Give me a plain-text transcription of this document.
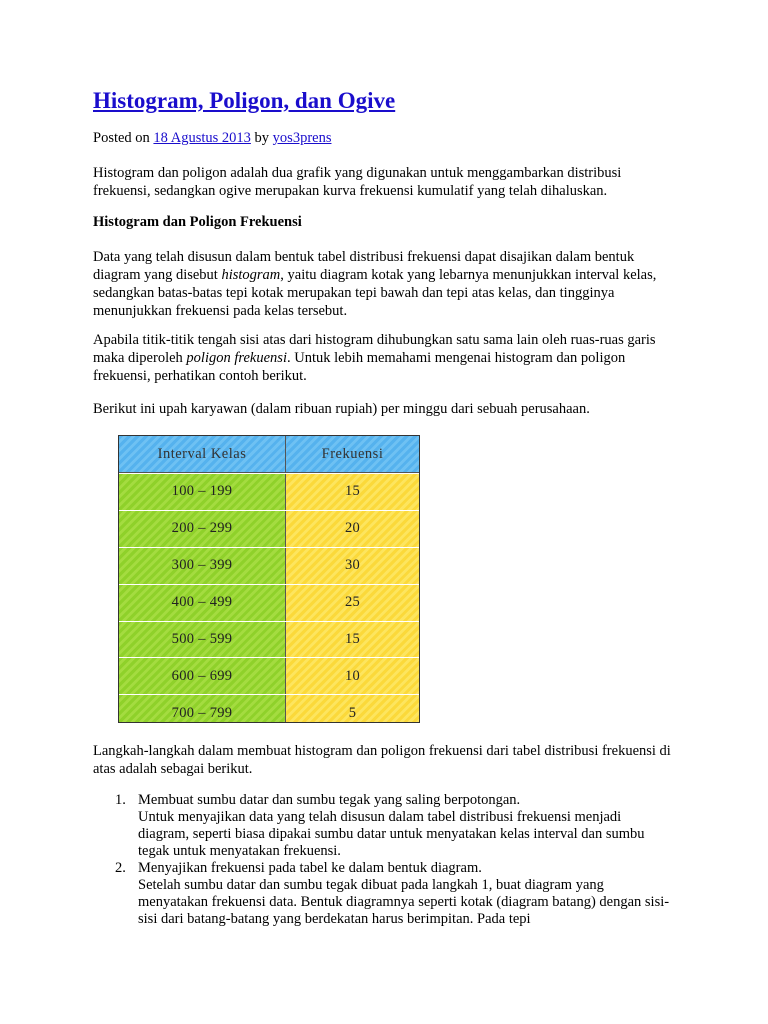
Histogram, Poligon, dan Ogive
Posted on 18 Agustus 2013 by yos3prens

Histogram dan poligon adalah dua grafik yang digunakan untuk menggambarkan distribusi frekuensi, sedangkan ogive merupakan kurva frekuensi kumulatif yang telah dihaluskan.

Histogram dan Poligon Frekuensi

Data yang telah disusun dalam bentuk tabel distribusi frekuensi dapat disajikan dalam bentuk diagram yang disebut histogram, yaitu diagram kotak yang lebarnya menunjukkan interval kelas, sedangkan batas-batas tepi kotak merupakan tepi bawah dan tepi atas kelas, dan tingginya menunjukkan frekuensi pada kelas tersebut.

Apabila titik-titik tengah sisi atas dari histogram dihubungkan satu sama lain oleh ruas-ruas garis maka diperoleh poligon frekuensi. Untuk lebih memahami mengenai histogram dan poligon frekuensi, perhatikan contoh berikut.

Berikut ini upah karyawan (dalam ribuan rupiah) per minggu dari sebuah perusahaan.

Langkah-langkah dalam membuat histogram dan poligon frekuensi dari tabel distribusi frekuensi di atas adalah sebagai berikut.

1. Membuat sumbu datar dan sumbu tegak yang saling berpotongan.
Untuk menyajikan data yang telah disusun dalam tabel distribusi frekuensi menjadi diagram, seperti biasa dipakai sumbu datar untuk menyatakan kelas interval dan sumbu tegak untuk menyatakan frekuensi.
2. Menyajikan frekuensi pada tabel ke dalam bentuk diagram.
Setelah sumbu datar dan sumbu tegak dibuat pada langkah 1, buat diagram yang menyatakan frekuensi data. Bentuk diagramnya seperti kotak (diagram batang) dengan sisi-sisi dari batang-batang yang berdekatan harus berimpitan. Pada tepi
Interval Kelas	Frekuensi
100 – 199	15
200 – 299	20
300 – 399	30
400 – 499	25
500 – 599	15
600 – 699	10
700 – 799	5
